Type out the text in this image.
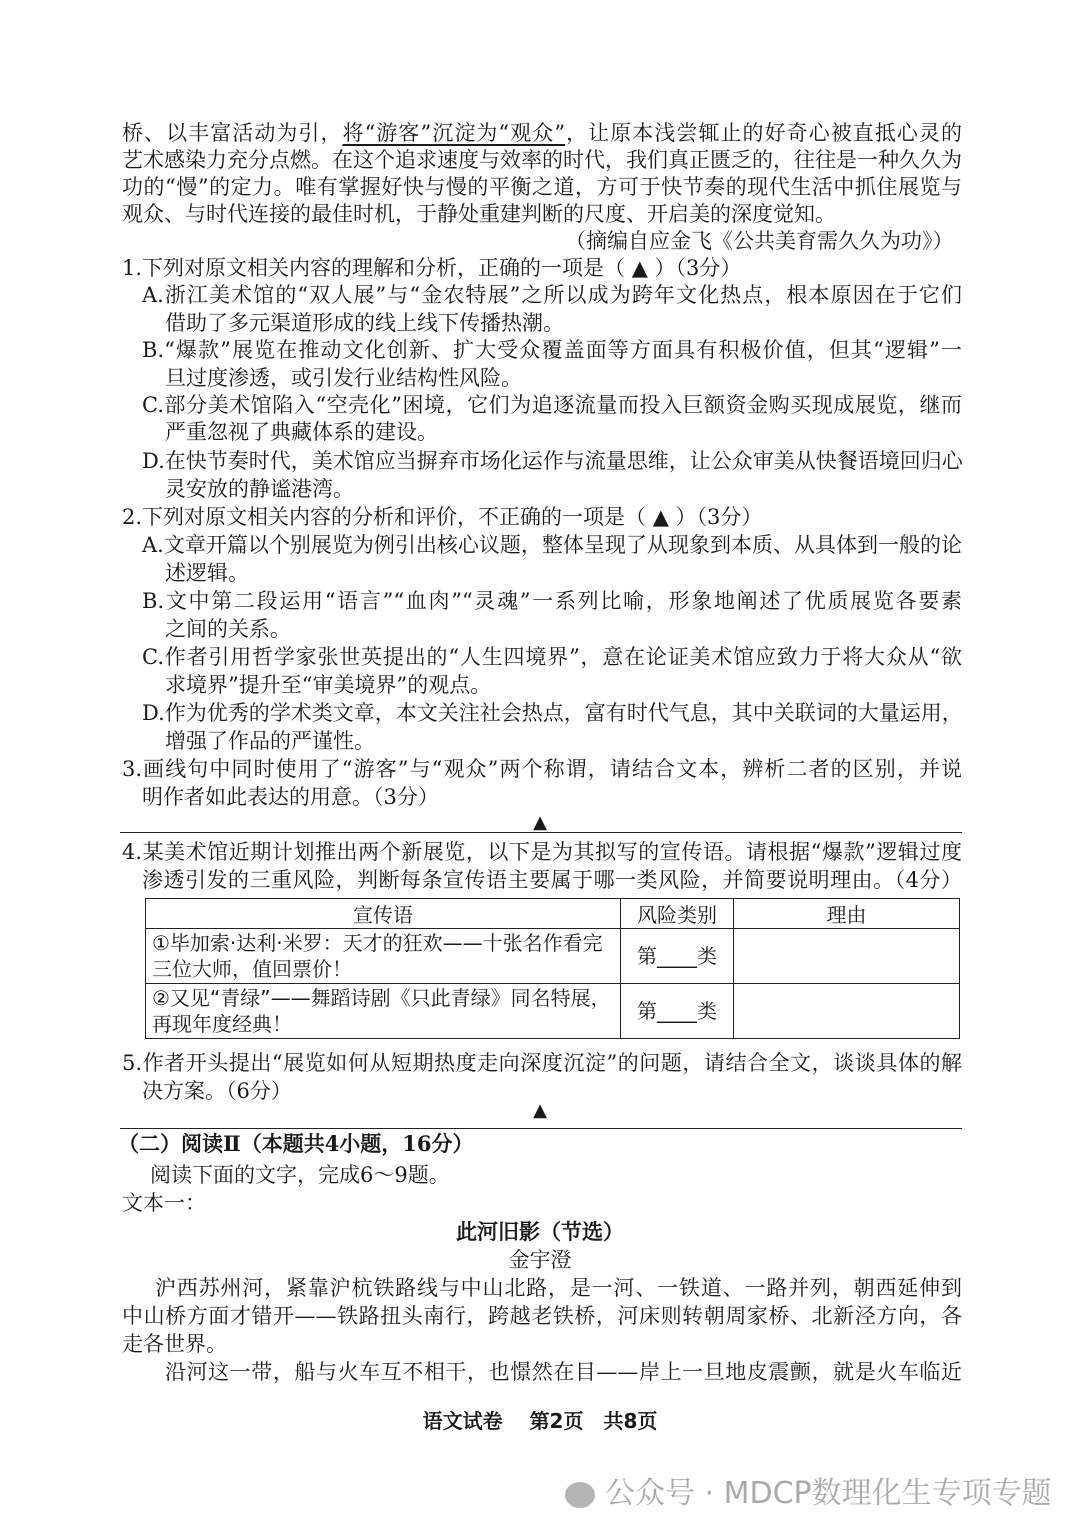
桥、以丰富活动为引，将“游客”沉淀为“观众”，让原本浅尝辄止的好奇心被直抵心灵的
艺术感染力充分点燃。在这个追求速度与效率的时代，我们真正匮乏的，往往是一种久久为
功的“慢”的定力。唯有掌握好快与慢的平衡之道，方可于快节奏的现代生活中抓住展览与
观众、与时代连接的最佳时机，于静处重建判断的尺度、开启美的深度觉知。
（摘编自应金飞《公共美育需久久为功》）
1.下列对原文相关内容的理解和分析，正确的一项是（ ▲ ）（3分）
A.浙江美术馆的“双人展”与“金农特展”之所以成为跨年文化热点，根本原因在于它们
借助了多元渠道形成的线上线下传播热潮。
B.“爆款”展览在推动文化创新、扩大受众覆盖面等方面具有积极价值，但其“逻辑”一
旦过度渗透，或引发行业结构性风险。
C.部分美术馆陷入“空壳化”困境，它们为追逐流量而投入巨额资金购买现成展览，继而
严重忽视了典藏体系的建设。
D.在快节奏时代，美术馆应当摒弃市场化运作与流量思维，让公众审美从快餐语境回归心
灵安放的静谧港湾。
2.下列对原文相关内容的分析和评价，不正确的一项是（ ▲ ）（3分）
A.文章开篇以个别展览为例引出核心议题，整体呈现了从现象到本质、从具体到一般的论
述逻辑。
B.文中第二段运用“语言”“血肉”“灵魂”一系列比喻，形象地阐述了优质展览各要素
之间的关系。
C.作者引用哲学家张世英提出的“人生四境界”，意在论证美术馆应致力于将大众从“欲
求境界”提升至“审美境界”的观点。
D.作为优秀的学术类文章，本文关注社会热点，富有时代气息，其中关联词的大量运用，
增强了作品的严谨性。
3.画线句中同时使用了“游客”与“观众”两个称谓，请结合文本，辨析二者的区别，并说
明作者如此表达的用意。（3分）
4.某美术馆近期计划推出两个新展览，以下是为其拟写的宣传语。请根据“爆款”逻辑过度
渗透引发的三重风险，判断每条宣传语主要属于哪一类风险，并简要说明理由。（4分）
5.作者开头提出“展览如何从短期热度走向深度沉淀”的问题，请结合全文，谈谈具体的解
决方案。（6分）
（二）阅读Ⅱ（本题共4小题，16分）
阅读下面的文字，完成6～9题。
文本一：
沪西苏州河，紧靠沪杭铁路线与中山北路，是一河、一铁道、一路并列，朝西延伸到
中山桥方面才错开——铁路扭头南行，跨越老铁桥，河床则转朝周家桥、北新泾方向，各
走各世界。
沿河这一带，船与火车互不相干，也憬然在目——岸上一旦地皮震颤，就是火车临近
▲
▲
此河旧影（节选）
金宇澄
宣传语	风险类别	理由
①毕加索·达利·米罗：天才的狂欢——十张名作看完三位大师，值回票价！	第____类	
②又见“青绿”——舞蹈诗剧《只此青绿》同名特展，再现年度经典！	第____类	
语文试卷　 第2页　共8页
公众号 · MDCP数理化生专项专题
